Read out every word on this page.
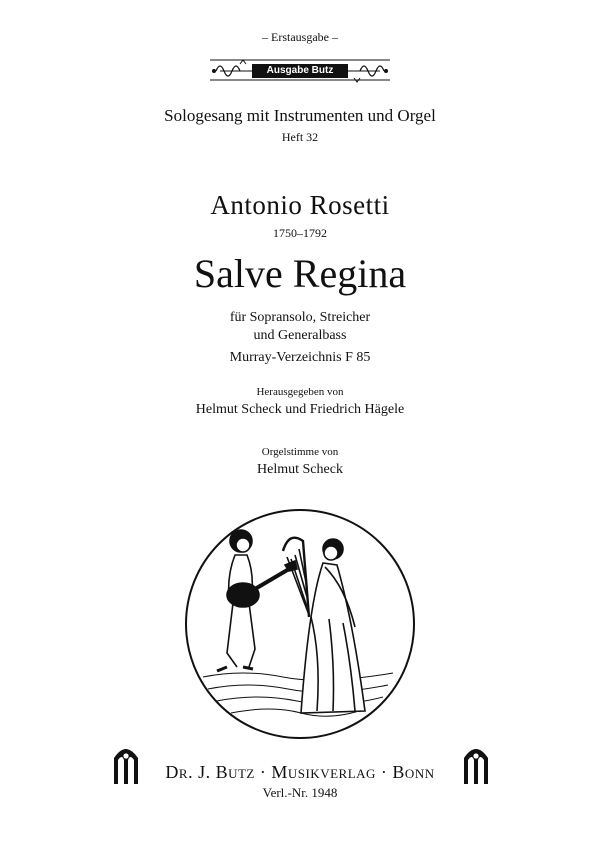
– Erstausgabe –
Ausgabe Butz
Sologesang mit Instrumenten und Orgel
Heft 32
Antonio Rosetti
1750–1792
Salve Regina
für Sopransolo, Streicher
und Generalbass
Murray-Verzeichnis F 85
Herausgegeben von
Helmut Scheck und Friedrich Hägele
Orgelstimme von
Helmut Scheck
Dr. J. Butz · Musikverlag · Bonn
Verl.-Nr. 1948
